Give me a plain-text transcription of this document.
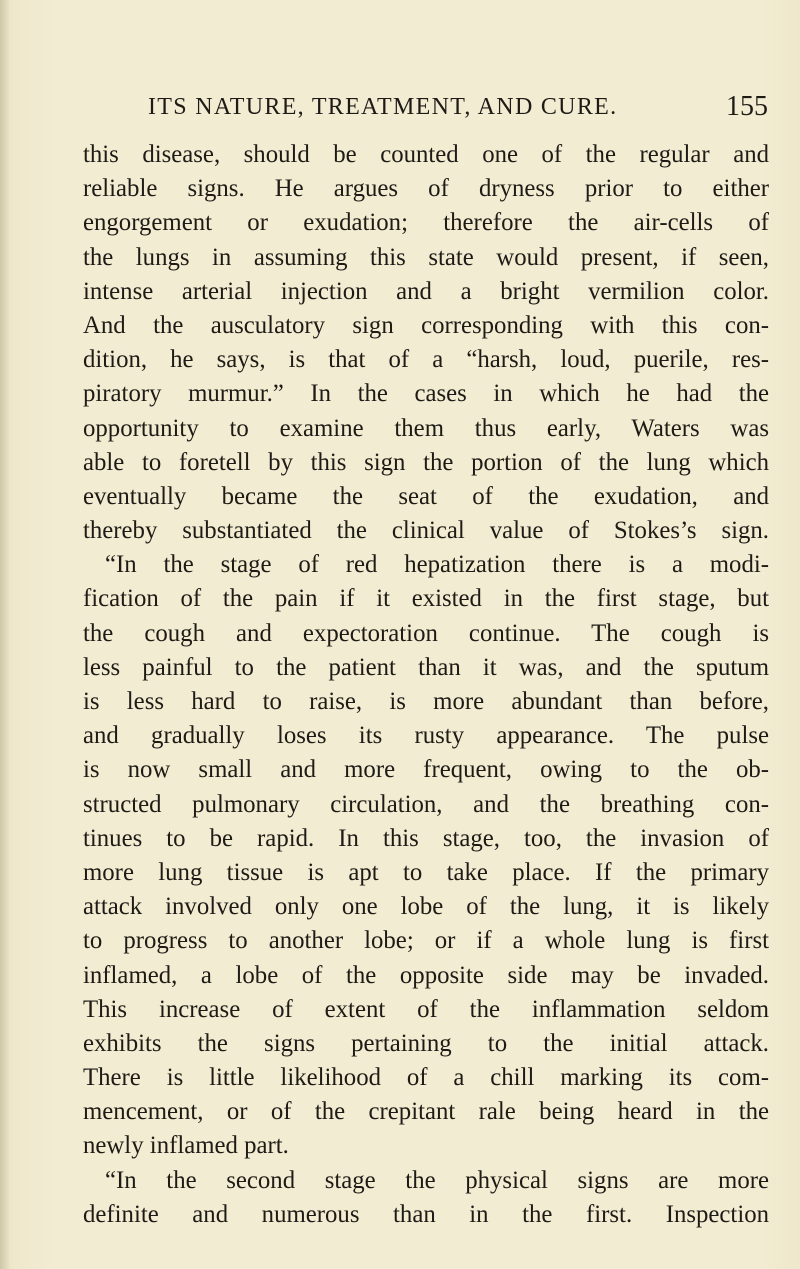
ITS NATURE, TREATMENT, AND CURE.	155
this disease, should be counted one of the regular and
reliable signs. He argues of dryness prior to either
engorgement or exudation; therefore the air-cells of
the lungs in assuming this state would present, if seen,
intense arterial injection and a bright vermilion color.
And the ausculatory sign corresponding with this con-
dition, he says, is that of a “harsh, loud, puerile, res-
piratory murmur.” In the cases in which he had the
opportunity to examine them thus early, Waters was
able to foretell by this sign the portion of the lung which
eventually became the seat of the exudation, and
thereby substantiated the clinical value of Stokes’s sign.
“In the stage of red hepatization there is a modi-
fication of the pain if it existed in the first stage, but
the cough and expectoration continue. The cough is
less painful to the patient than it was, and the sputum
is less hard to raise, is more abundant than before,
and gradually loses its rusty appearance. The pulse
is now small and more frequent, owing to the ob-
structed pulmonary circulation, and the breathing con-
tinues to be rapid. In this stage, too, the invasion of
more lung tissue is apt to take place. If the primary
attack involved only one lobe of the lung, it is likely
to progress to another lobe; or if a whole lung is first
inflamed, a lobe of the opposite side may be invaded.
This increase of extent of the inflammation seldom
exhibits the signs pertaining to the initial attack.
There is little likelihood of a chill marking its com-
mencement, or of the crepitant rale being heard in the
newly inflamed part.
“In the second stage the physical signs are more
definite and numerous than in the first. Inspection
